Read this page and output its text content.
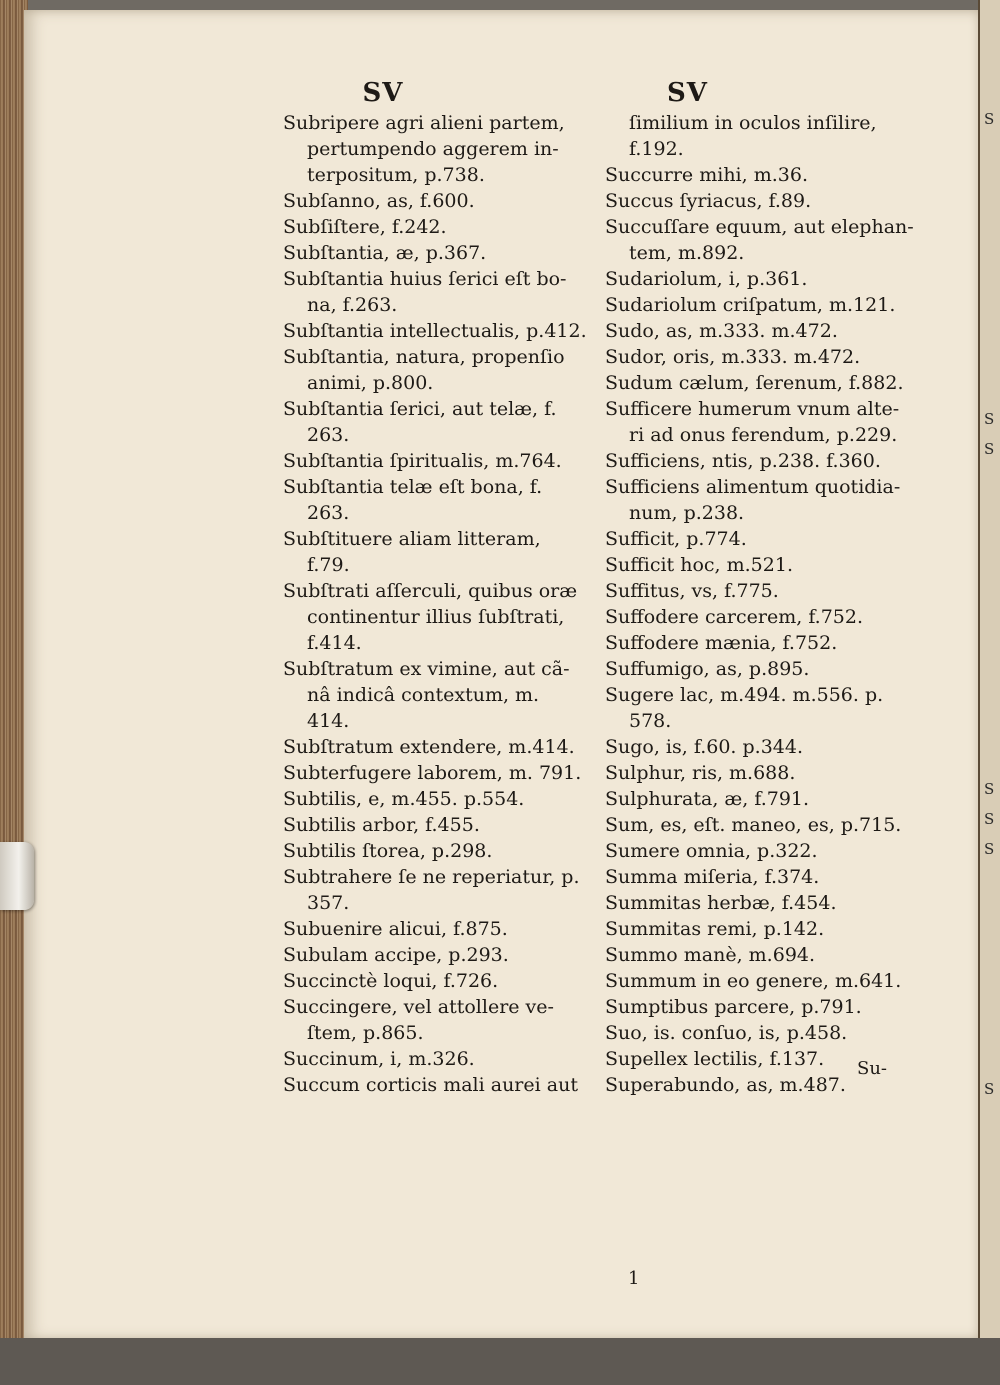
S
S
S
S
S
S
S
SV
Subripere agri alieni partem,
pertumpendo aggerem in-
terpositum, p.738.
Subſanno, as, f.600.
Subſiſtere, f.242.
Subſtantia, æ, p.367.
Subſtantia huius ſerici eſt bo-
na, f.263.
Subſtantia intellectualis, p.412.
Subſtantia, natura, propenſio
animi, p.800.
Subſtantia ſerici, aut telæ, f.
263.
Subſtantia ſpiritualis, m.764.
Subſtantia telæ eſt bona, f.
263.
Subſtituere aliam litteram,
f.79.
Subſtrati aſſerculi, quibus oræ
continentur illius ſubſtrati,
f.414.
Subſtratum ex vimine, aut cã-
nâ indicâ contextum, m.
414.
Subſtratum extendere, m.414.
Subterfugere laborem, m. 791.
Subtilis, e, m.455. p.554.
Subtilis arbor, f.455.
Subtilis ſtorea, p.298.
Subtrahere ſe ne reperiatur, p.
357.
Subuenire alicui, f.875.
Subulam accipe, p.293.
Succinctè loqui, f.726.
Succingere, vel attollere ve-
ſtem, p.865.
Succinum, i, m.326.
Succum corticis mali aurei aut
SV
ſimilium in oculos inſilire,
f.192.
Succurre mihi, m.36.
Succus ſyriacus, f.89.
Succuſſare equum, aut elephan-
tem, m.892.
Sudariolum, i, p.361.
Sudariolum criſpatum, m.121.
Sudo, as, m.333. m.472.
Sudor, oris, m.333. m.472.
Sudum cælum, ſerenum, f.882.
Sufficere humerum vnum alte-
ri ad onus ferendum, p.229.
Sufficiens, ntis, p.238. f.360.
Sufficiens alimentum quotidia-
num, p.238.
Sufficit, p.774.
Sufficit hoc, m.521.
Suffitus, vs, f.775.
Suffodere carcerem, f.752.
Suffodere mænia, f.752.
Suffumigo, as, p.895.
Sugere lac, m.494. m.556. p.
578.
Sugo, is, f.60. p.344.
Sulphur, ris, m.688.
Sulphurata, æ, f.791.
Sum, es, eſt. maneo, es, p.715.
Sumere omnia, p.322.
Summa miſeria, f.374.
Summitas herbæ, f.454.
Summitas remi, p.142.
Summo manè, m.694.
Summum in eo genere, m.641.
Sumptibus parcere, p.791.
Suo, is. conſuo, is, p.458.
Supellex lectilis, f.137.
Superabundo, as, m.487.
Su-
1
